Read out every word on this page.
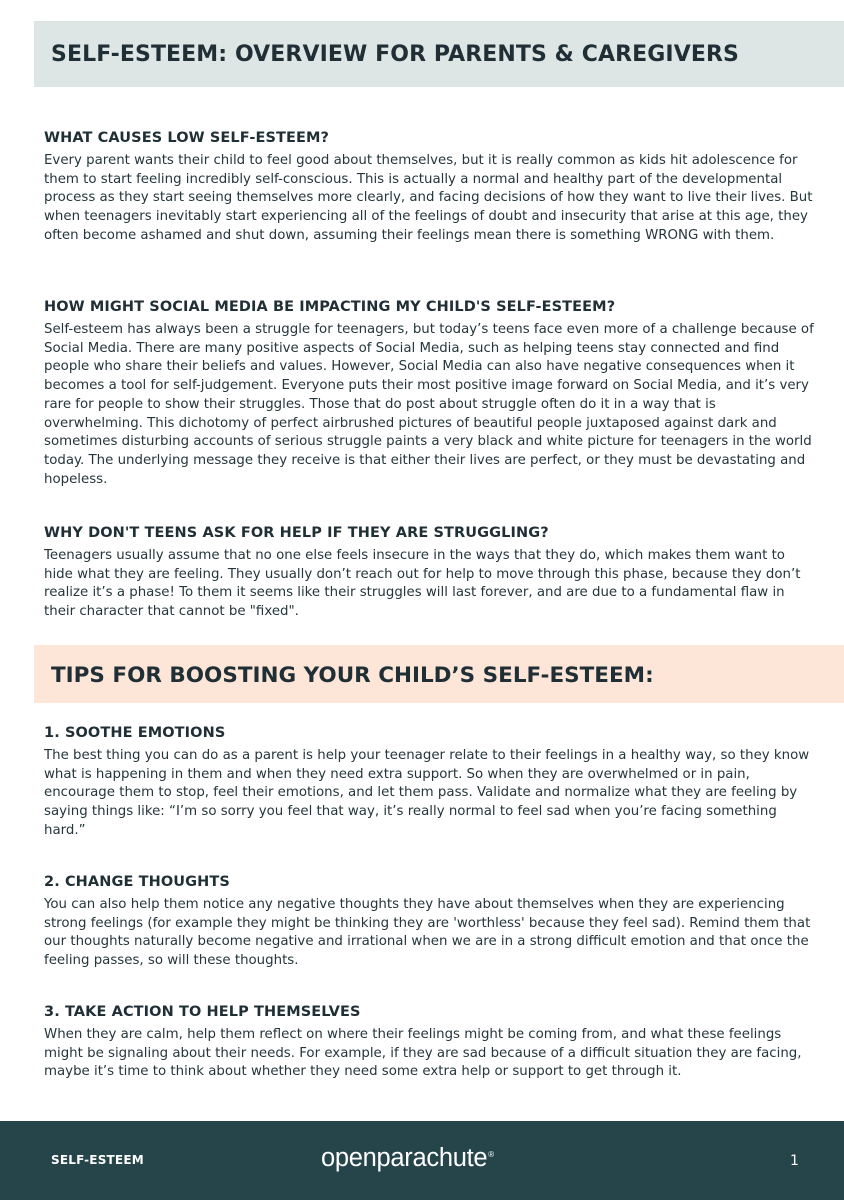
SELF-ESTEEM: OVERVIEW FOR PARENTS & CAREGIVERS
WHAT CAUSES LOW SELF-ESTEEM?

Every parent wants their child to feel good about themselves, but it is really common as kids hit adolescence for them to start feeling incredibly self-conscious. This is actually a normal and healthy part of the developmental process as they start seeing themselves more clearly, and facing decisions of how they want to live their lives. But when teenagers inevitably start experiencing all of the feelings of doubt and insecurity that arise at this age, they often become ashamed and shut down, assuming their feelings mean there is something WRONG with them.

HOW MIGHT SOCIAL MEDIA BE IMPACTING MY CHILD'S SELF-ESTEEM?

Self-esteem has always been a struggle for teenagers, but today’s teens face even more of a challenge because of Social Media. There are many positive aspects of Social Media, such as helping teens stay connected and find people who share their beliefs and values. However, Social Media can also have negative consequences when it becomes a tool for self-judgement. Everyone puts their most positive image forward on Social Media, and it’s very rare for people to show their struggles. Those that do post about struggle often do it in a way that is overwhelming. This dichotomy of perfect airbrushed pictures of beautiful people juxtaposed against dark and sometimes disturbing accounts of serious struggle paints a very black and white picture for teenagers in the world today. The underlying message they receive is that either their lives are perfect, or they must be devastating and hopeless.

WHY DON'T TEENS ASK FOR HELP IF THEY ARE STRUGGLING?

Teenagers usually assume that no one else feels insecure in the ways that they do, which makes them want to hide what they are feeling. They usually don’t reach out for help to move through this phase, because they don’t realize it’s a phase! To them it seems like their struggles will last forever, and are due to a fundamental flaw in their character that cannot be "fixed".

TIPS FOR BOOSTING YOUR CHILD’S SELF-ESTEEM:
1. SOOTHE EMOTIONS

The best thing you can do as a parent is help your teenager relate to their feelings in a healthy way, so they know what is happening in them and when they need extra support. So when they are overwhelmed or in pain, encourage them to stop, feel their emotions, and let them pass. Validate and normalize what they are feeling by saying things like: “I’m so sorry you feel that way, it’s really normal to feel sad when you’re facing something hard.”

2. CHANGE THOUGHTS

You can also help them notice any negative thoughts they have about themselves when they are experiencing strong feelings (for example they might be thinking they are 'worthless' because they feel sad). Remind them that our thoughts naturally become negative and irrational when we are in a strong difficult emotion and that once the feeling passes, so will these thoughts.

3. TAKE ACTION TO HELP THEMSELVES

When they are calm, help them reflect on where their feelings might be coming from, and what these feelings might be signaling about their needs. For example, if they are sad because of a difficult situation they are facing, maybe it’s time to think about whether they need some extra help or support to get through it.

SELF-ESTEEM	openparachute®	1
